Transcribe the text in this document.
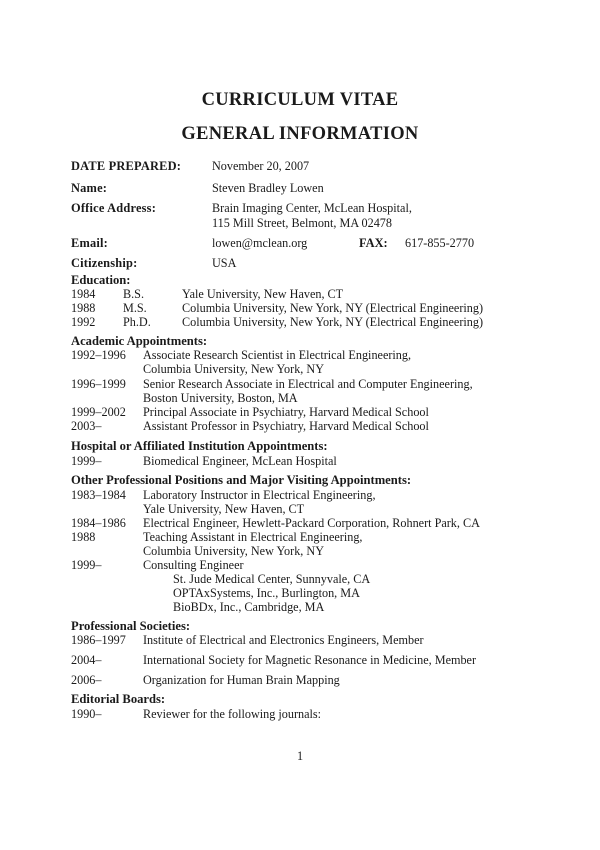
CURRICULUM VITAE
GENERAL INFORMATION
DATE PREPARED:	November 20, 2007
Name:	Steven Bradley Lowen
Office Address:	Brain Imaging Center, McLean Hospital,
115 Mill Street, Belmont, MA 02478
Email:	lowen@mclean.org	FAX: 617-855-2770
Citizenship:	USA
Education:
1984 B.S.	Yale University, New Haven, CT
1988 M.S.	Columbia University, New York, NY (Electrical Engineering)
1992 Ph.D.	Columbia University, New York, NY (Electrical Engineering)
Academic Appointments:
1992–1996 Associate Research Scientist in Electrical Engineering,
Columbia University, New York, NY
1996–1999 Senior Research Associate in Electrical and Computer Engineering,
Boston University, Boston, MA
1999–2002 Principal Associate in Psychiatry, Harvard Medical School
2003–	Assistant Professor in Psychiatry, Harvard Medical School
Hospital or Affiliated Institution Appointments:
1999–	Biomedical Engineer, McLean Hospital
Other Professional Positions and Major Visiting Appointments:
1983–1984 Laboratory Instructor in Electrical Engineering,
Yale University, New Haven, CT
1984–1986 Electrical Engineer, Hewlett-Packard Corporation, Rohnert Park, CA
1988	Teaching Assistant in Electrical Engineering,
Columbia University, New York, NY
1999–	Consulting Engineer
St. Jude Medical Center, Sunnyvale, CA
OPTAxSystems, Inc., Burlington, MA
BioBDx, Inc., Cambridge, MA
Professional Societies:
1986–1997 Institute of Electrical and Electronics Engineers, Member
2004–	International Society for Magnetic Resonance in Medicine, Member
2006–	Organization for Human Brain Mapping
Editorial Boards:
1990–	Reviewer for the following journals:
1
